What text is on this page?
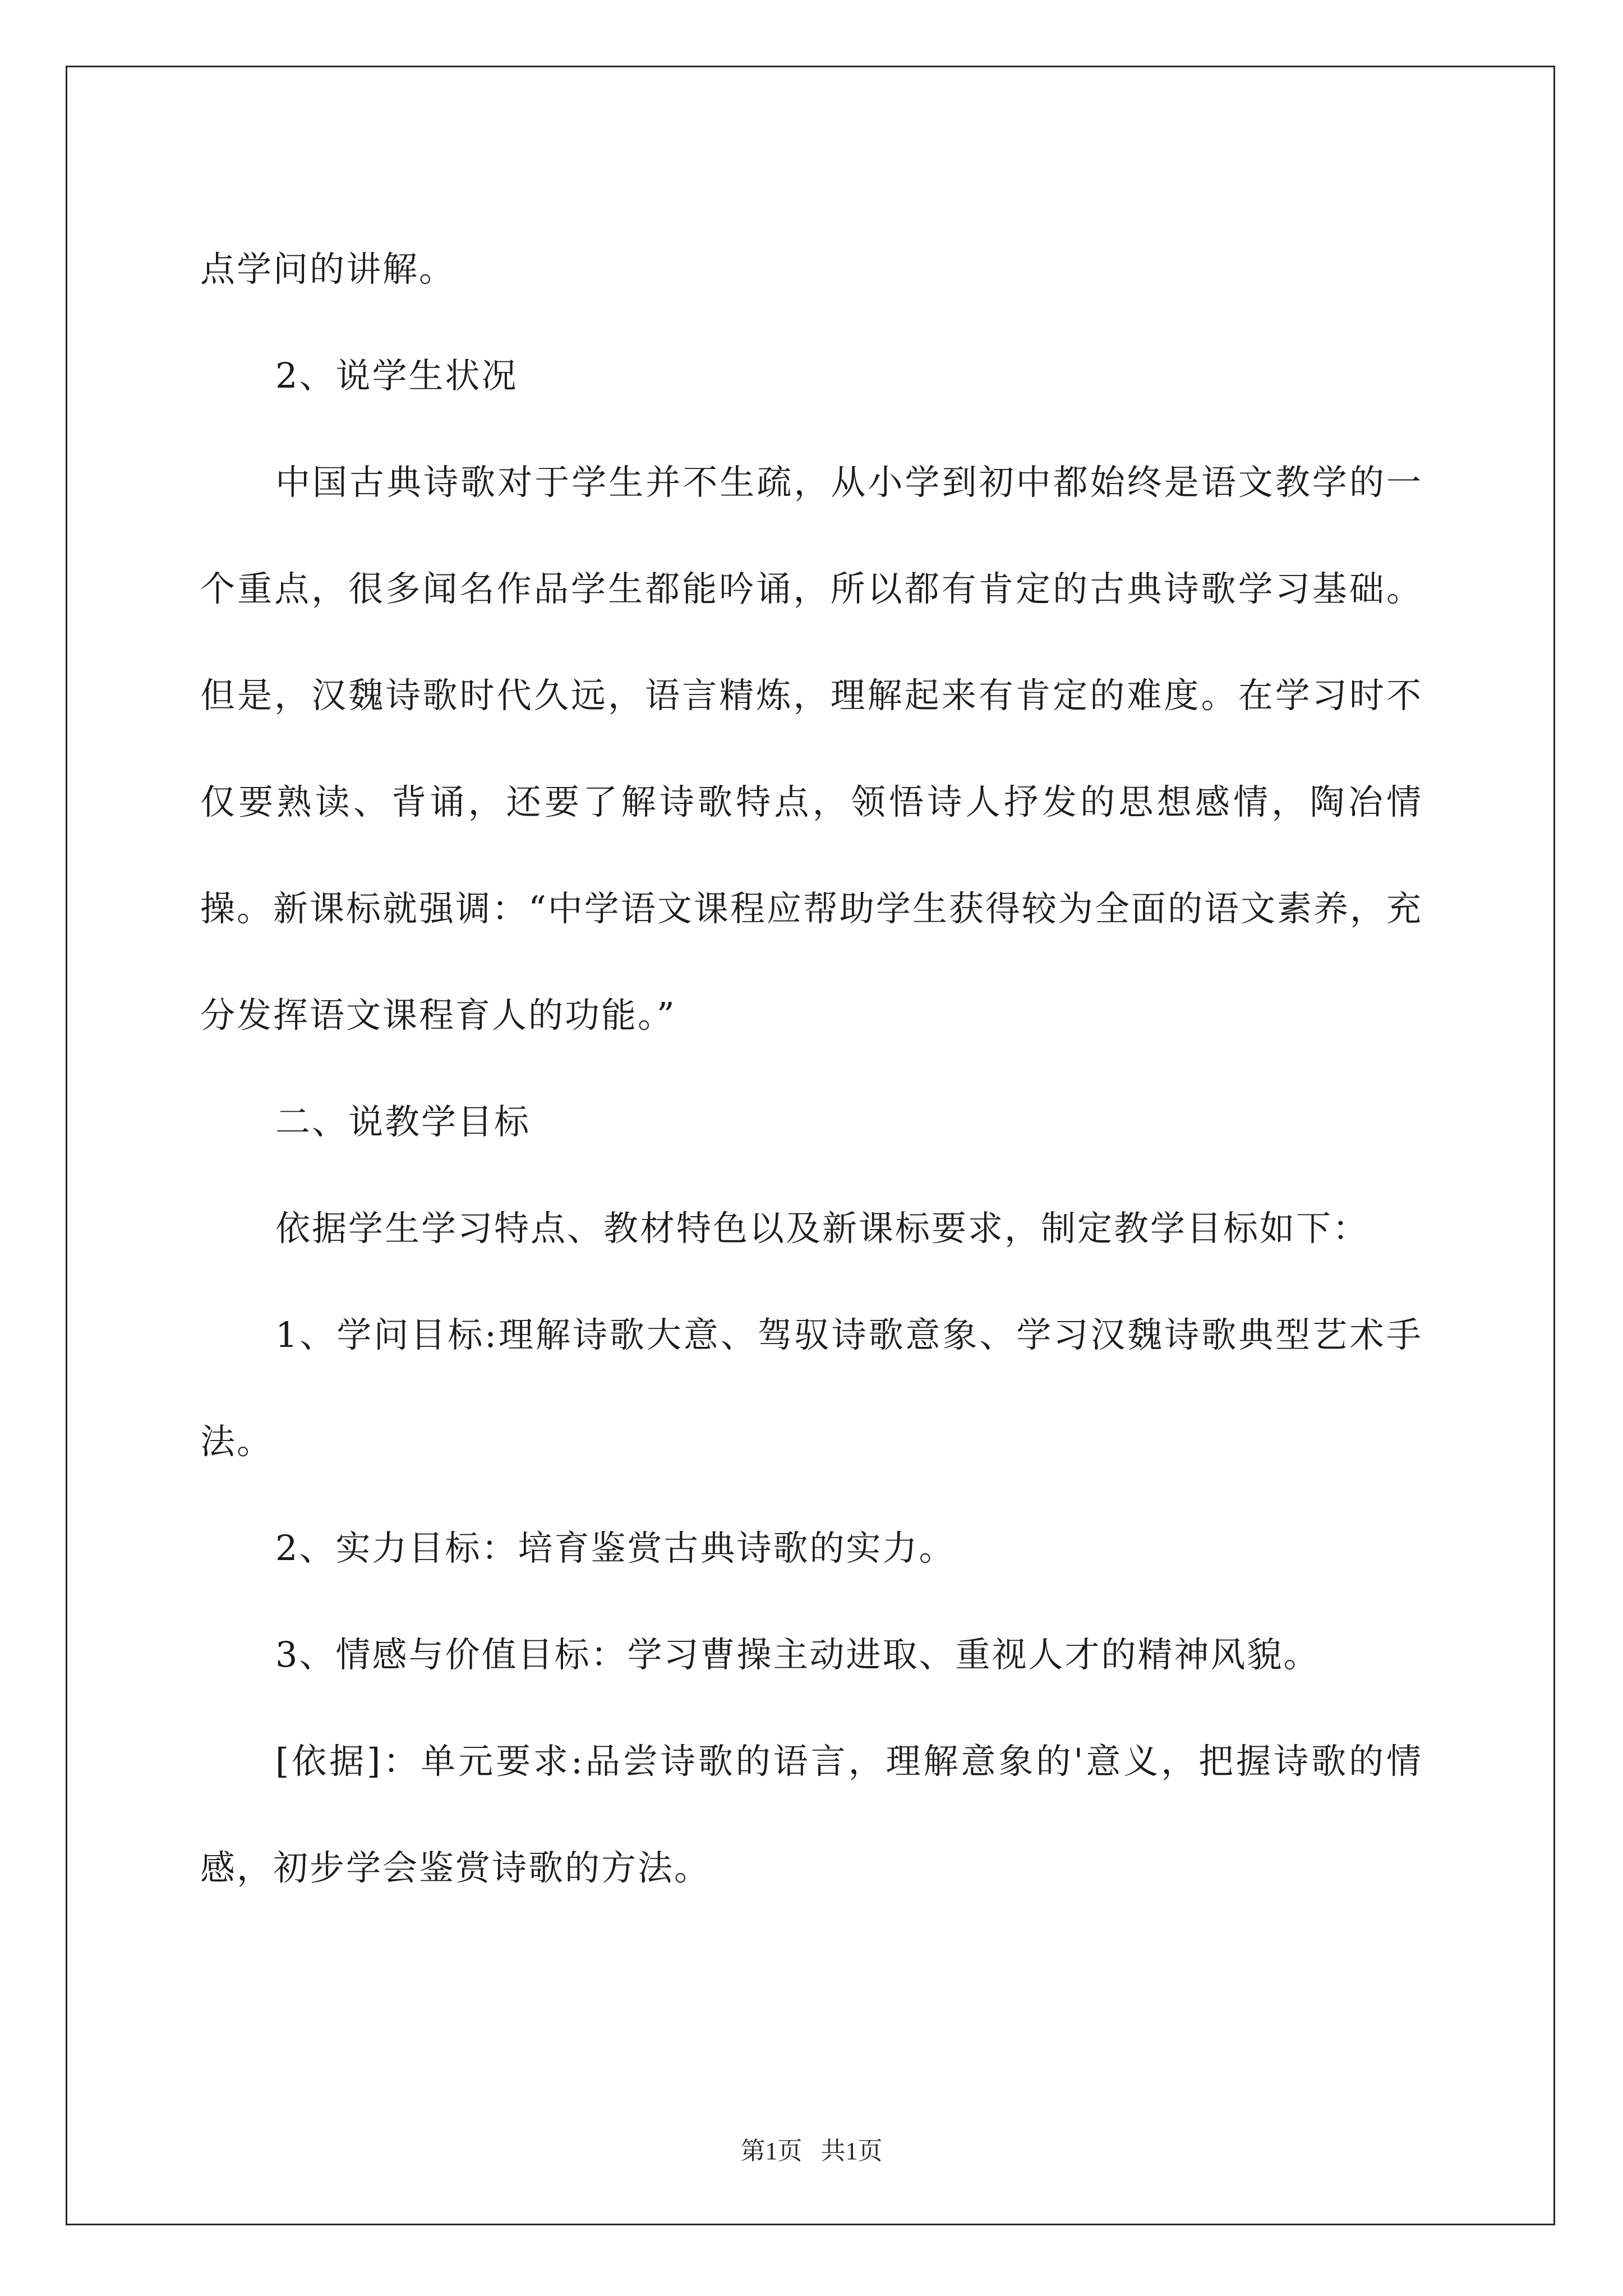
点学问的讲解。

2、说学生状况

中国古典诗歌对于学生并不生疏，从小学到初中都始终是语文教学的一个重点，很多闻名作品学生都能吟诵，所以都有肯定的古典诗歌学习基础。但是，汉魏诗歌时代久远，语言精炼，理解起来有肯定的难度。在学习时不仅要熟读、背诵，还要了解诗歌特点，领悟诗人抒发的思想感情，陶冶情操。新课标就强调：“中学语文课程应帮助学生获得较为全面的语文素养，充分发挥语文课程育人的功能。”

二、说教学目标

依据学生学习特点、教材特色以及新课标要求，制定教学目标如下：

1、学问目标:理解诗歌大意、驾驭诗歌意象、学习汉魏诗歌典型艺术手法。

2、实力目标：培育鉴赏古典诗歌的实力。

3、情感与价值目标：学习曹操主动进取、重视人才的精神风貌。

[依据]：单元要求:品尝诗歌的语言，理解意象的'意义，把握诗歌的情感，初步学会鉴赏诗歌的方法。

第1页   共1页
